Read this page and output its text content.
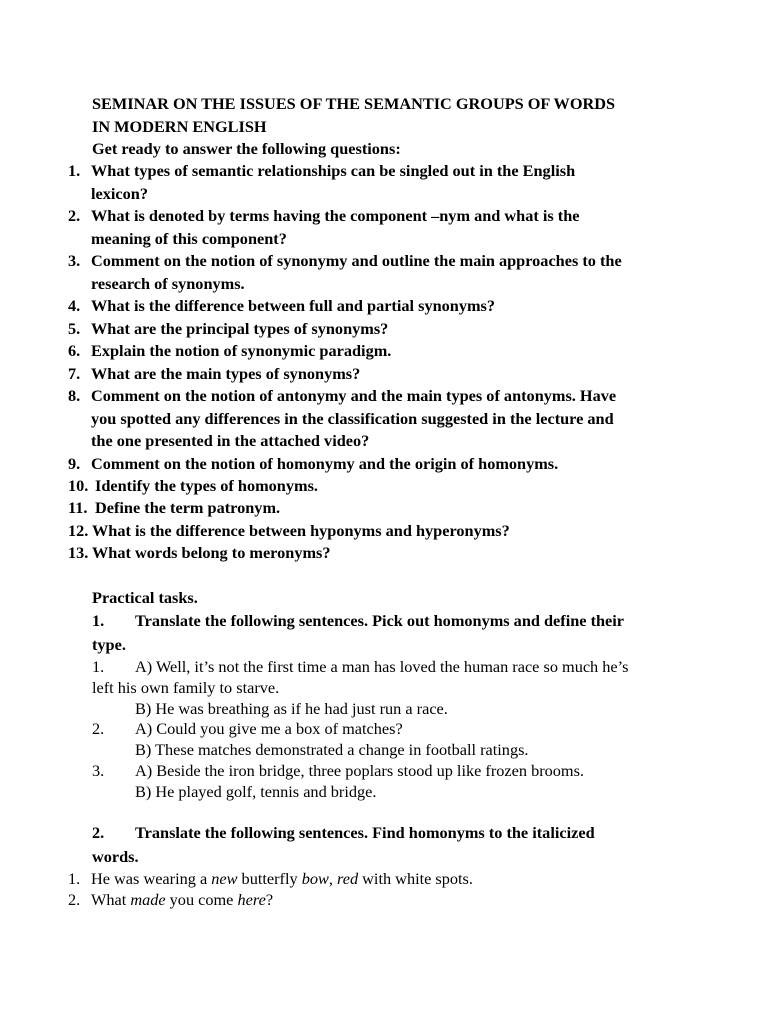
SEMINAR ON THE ISSUES OF THE SEMANTIC GROUPS OF WORDS
IN MODERN ENGLISH
Get ready to answer the following questions:
1. What types of semantic relationships can be singled out in the English
lexicon?
2. What is denoted by terms having the component –nym and what is the
meaning of this component?
3. Comment on the notion of synonymy and outline the main approaches to the
research of synonyms.
4. What is the difference between full and partial synonyms?
5. What are the principal types of synonyms?
6. Explain the notion of synonymic paradigm.
7. What are the main types of synonyms?
8. Comment on the notion of antonymy and the main types of antonyms. Have
you spotted any differences in the classification suggested in the lecture and
the one presented in the attached video?
9. Comment on the notion of homonymy and the origin of homonyms.
10. Identify the types of homonyms.
11. Define the term patronym.
12. What is the difference between hyponyms and hyperonyms?
13. What words belong to meronyms?
Practical tasks.
1. Translate the following sentences. Pick out homonyms and define their
type.
1. A) Well, it’s not the first time a man has loved the human race so much he’s
left his own family to starve.
B) He was breathing as if he had just run a race.
2. A) Could you give me a box of matches?
B) These matches demonstrated a change in football ratings.
3. A) Beside the iron bridge, three poplars stood up like frozen brooms.
B) He played golf, tennis and bridge.
2. Translate the following sentences. Find homonyms to the italicized
words.
1. He was wearing a new butterfly bow, red with white spots.
2. What made you come here?
